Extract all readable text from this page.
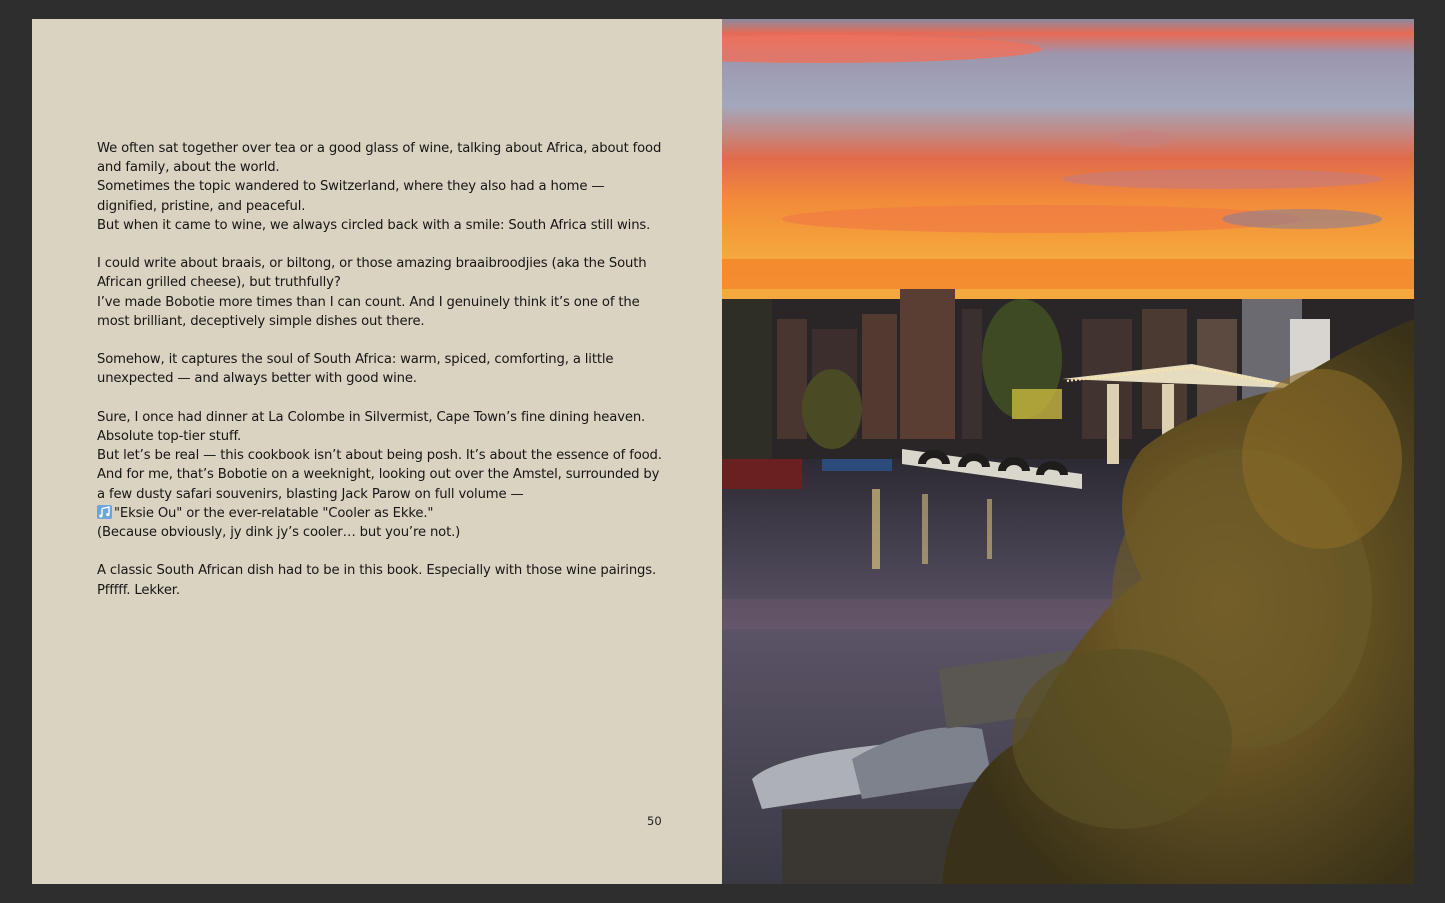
We often sat together over tea or a good glass of wine, talking about Africa, about food and family, about the world.
Sometimes the topic wandered to Switzerland, where they also had a home — dignified, pristine, and peaceful.
But when it came to wine, we always circled back with a smile: South Africa still wins.

I could write about braais, or biltong, or those amazing braaibroodjies (aka the South African grilled cheese), but truthfully?
I’ve made Bobotie more times than I can count. And I genuinely think it’s one of the most brilliant, deceptively simple dishes out there.

Somehow, it captures the soul of South Africa: warm, spiced, comforting, a little unexpected — and always better with good wine.

Sure, I once had dinner at La Colombe in Silvermist, Cape Town’s fine dining heaven. Absolute top-tier stuff.
But let’s be real — this cookbook isn’t about being posh. It’s about the essence of food.
And for me, that’s Bobotie on a weeknight, looking out over the Amstel, surrounded by a few dusty safari souvenirs, blasting Jack Parow on full volume —
"Eksie Ou" or the ever-relatable "Cooler as Ekke."
(Because obviously, jy dink jy’s cooler… but you’re not.)

A classic South African dish had to be in this book. Especially with those wine pairings.
Pfffff. Lekker.

50
